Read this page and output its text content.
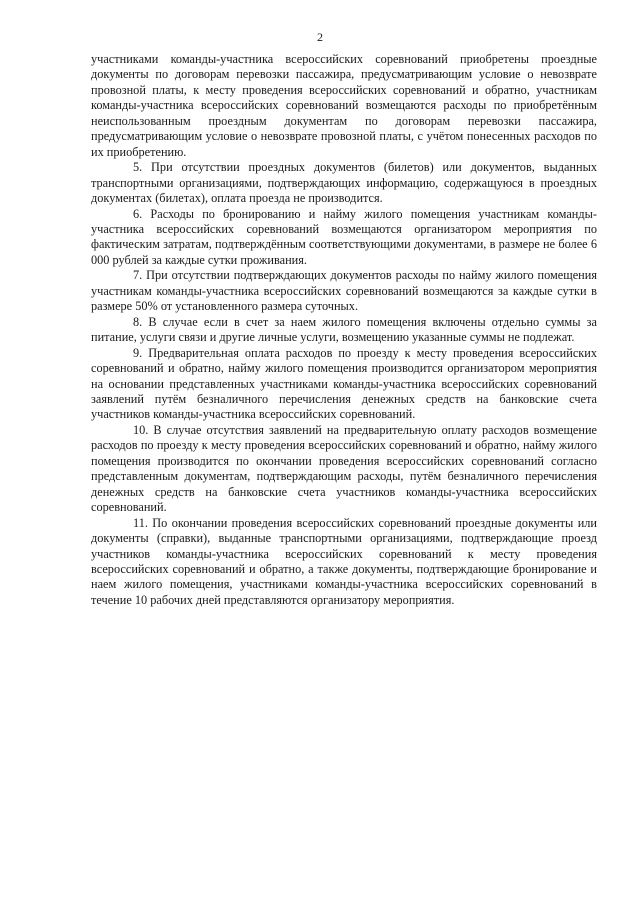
2

участниками команды-участника всероссийских соревнований приобретены проездные документы по договорам перевозки пассажира, предусматривающим условие о невозврате провозной платы, к месту проведения всероссийских соревнований и обратно, участникам команды-участника всероссийских соревнований возмещаются расходы по приобретённым неиспользованным проездным документам по договорам перевозки пассажира, предусматривающим условие о невозврате провозной платы, с учётом понесенных расходов по их приобретению.

5. При отсутствии проездных документов (билетов) или документов, выданных транспортными организациями, подтверждающих информацию, содержащуюся в проездных документах (билетах), оплата проезда не производится.

6. Расходы по бронированию и найму жилого помещения участникам команды-участника всероссийских соревнований возмещаются организатором мероприятия по фактическим затратам, подтверждённым соответствующими документами, в размере не более 6 000 рублей за каждые сутки проживания.

7. При отсутствии подтверждающих документов расходы по найму жилого помещения участникам команды-участника всероссийских соревнований возмещаются за каждые сутки в размере 50% от установленного размера суточных.

8. В случае если в счет за наем жилого помещения включены отдельно суммы за питание, услуги связи и другие личные услуги, возмещению указанные суммы не подлежат.

9. Предварительная оплата расходов по проезду к месту проведения всероссийских соревнований и обратно, найму жилого помещения производится организатором мероприятия на основании представленных участниками команды-участника всероссийских соревнований заявлений путём безналичного перечисления денежных средств на банковские счета участников команды-участника всероссийских соревнований.

10. В случае отсутствия заявлений на предварительную оплату расходов возмещение расходов по проезду к месту проведения всероссийских соревнований и обратно, найму жилого помещения производится по окончании проведения всероссийских соревнований согласно представленным документам, подтверждающим расходы, путём безналичного перечисления денежных средств на банковские счета участников команды-участника всероссийских соревнований.

11. По окончании проведения всероссийских соревнований проездные документы или документы (справки), выданные транспортными организациями, подтверждающие проезд участников команды-участника всероссийских соревнований к месту проведения всероссийских соревнований и обратно, а также документы, подтверждающие бронирование и наем жилого помещения, участниками команды-участника всероссийских соревнований в течение 10 рабочих дней представляются организатору мероприятия.
